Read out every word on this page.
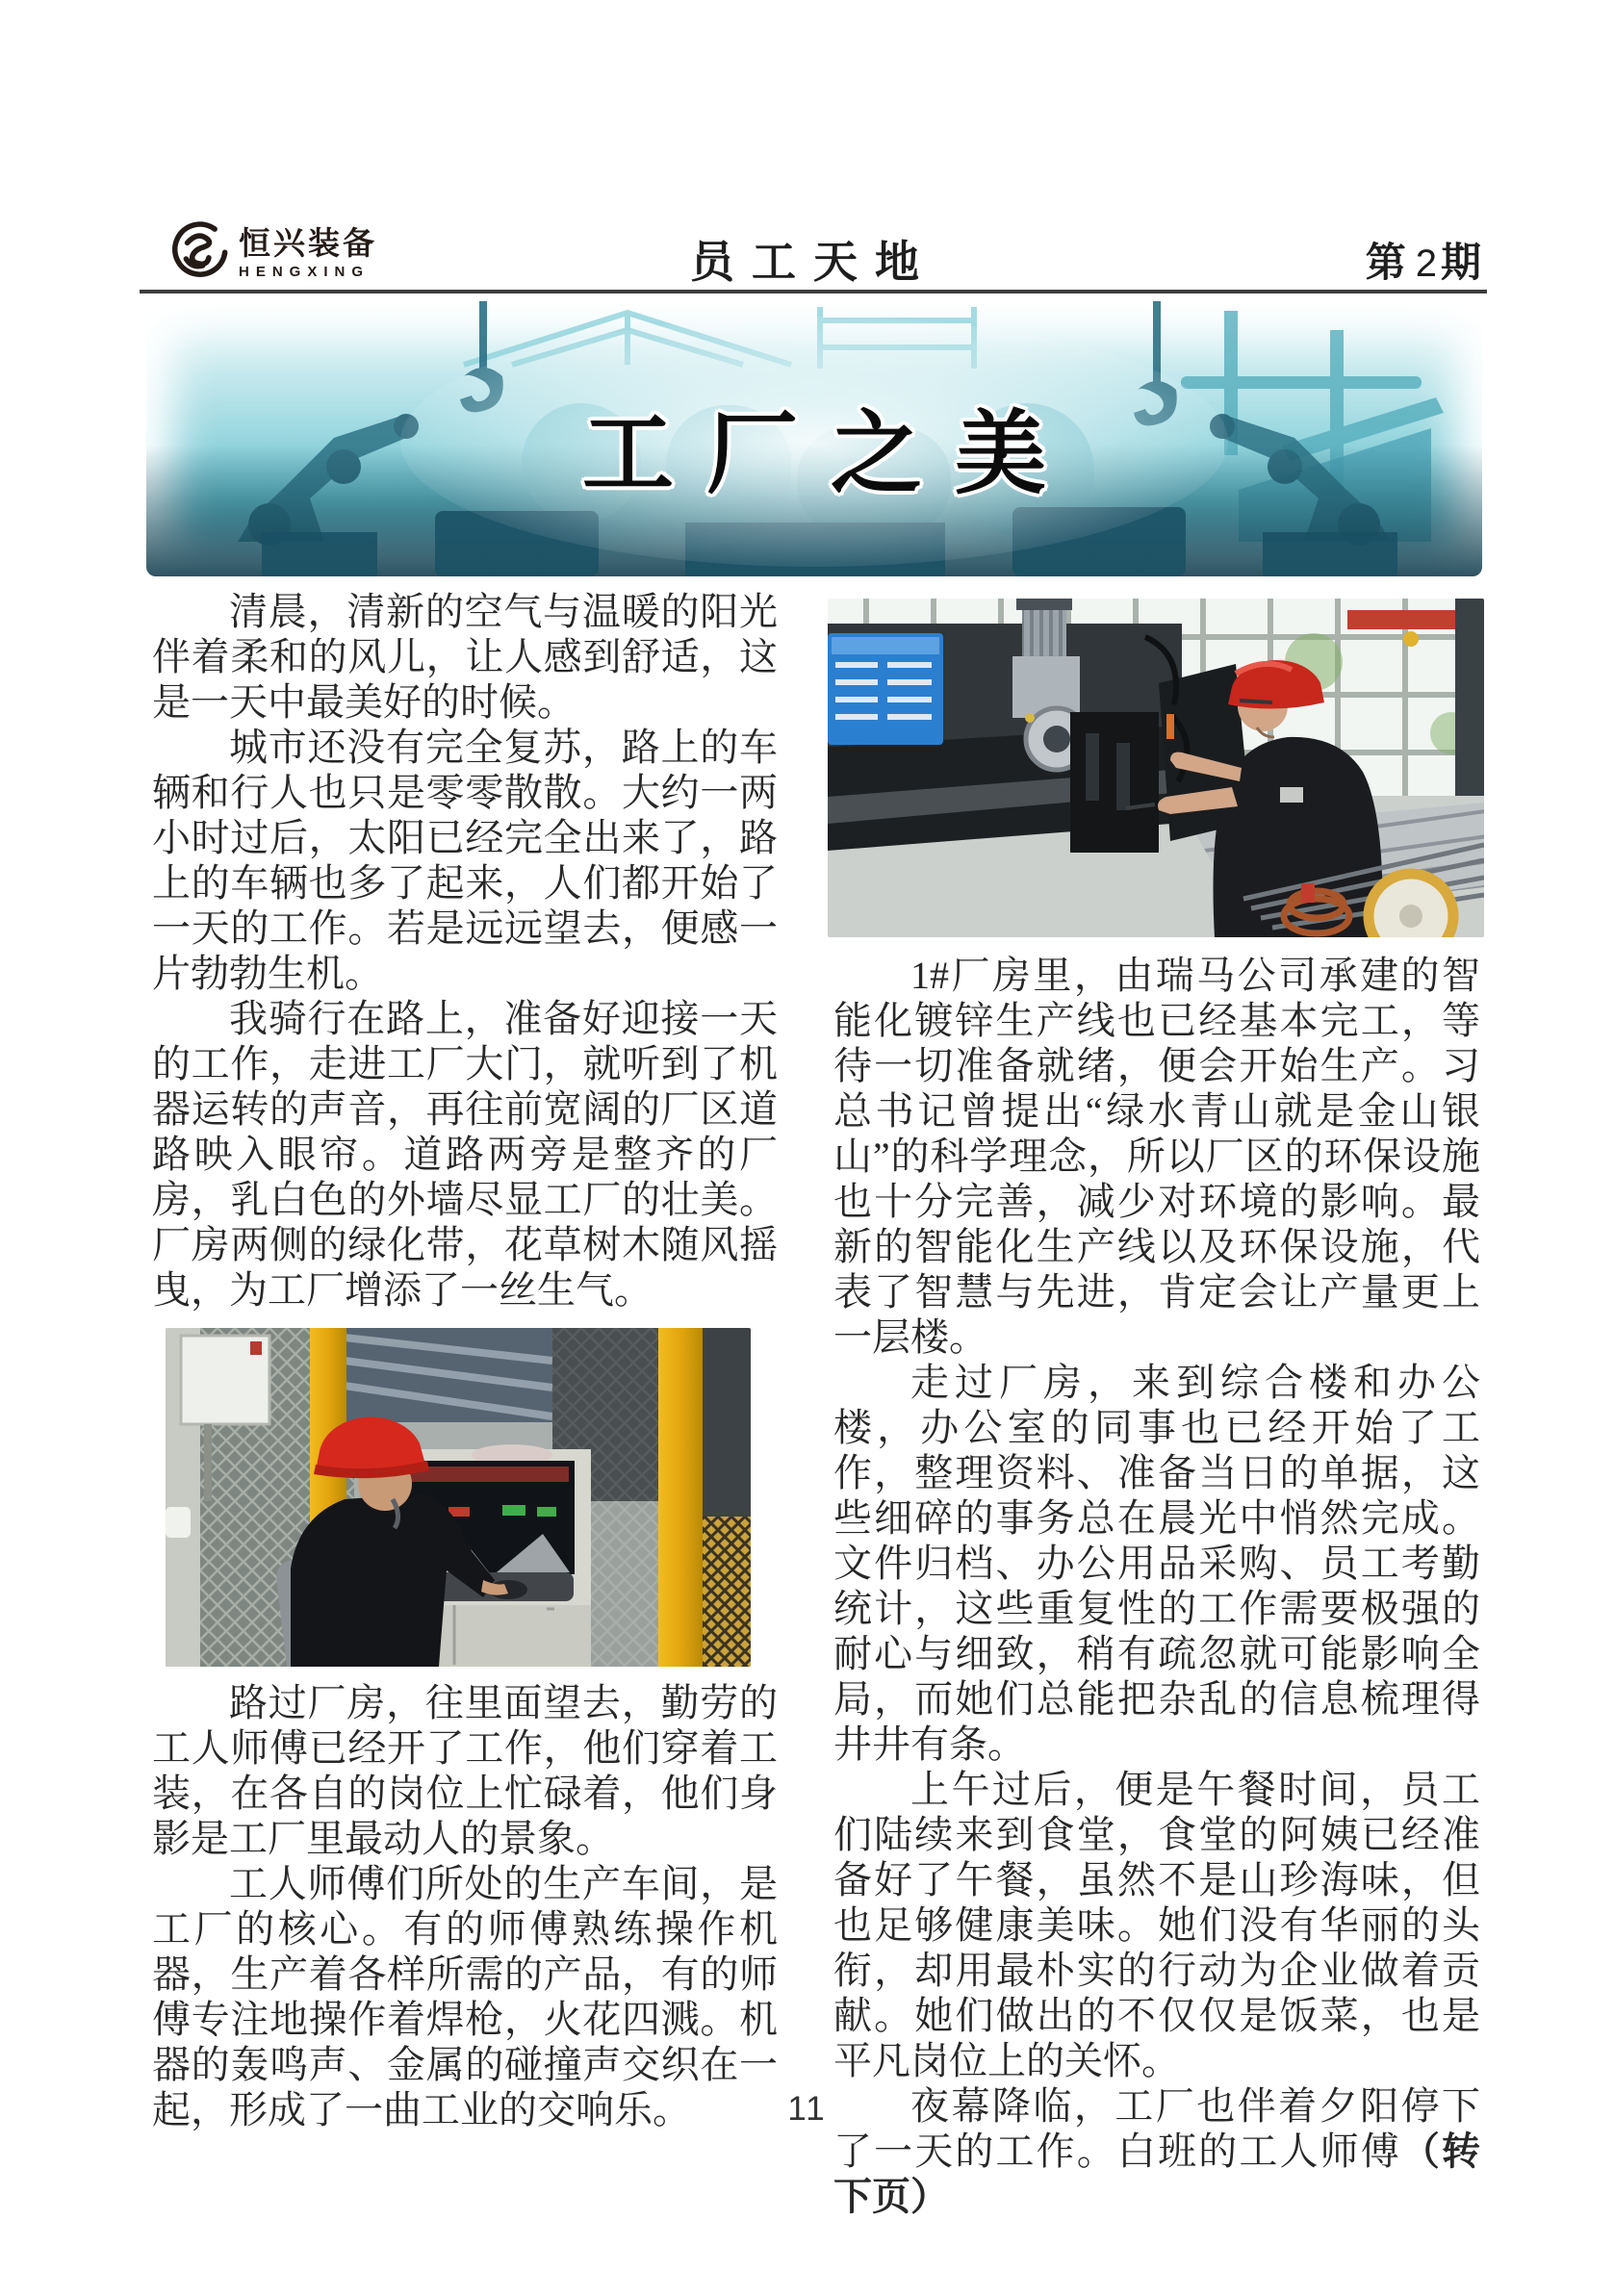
恒兴装备
HENGXING	员工天地	第 2期
工厂之美

清晨，清新的空气与温暖的阳光伴着柔和的风儿，让人感到舒适，这是一天中最美好的时候。

城市还没有完全复苏，路上的车辆和行人也只是零零散散。大约一两小时过后，太阳已经完全出来了，路上的车辆也多了起来，人们都开始了一天的工作。若是远远望去，便感一片勃勃生机。

我骑行在路上，准备好迎接一天的工作，走进工厂大门，就听到了机器运转的声音，再往前宽阔的厂区道路映入眼帘。道路两旁是整齐的厂房，乳白色的外墙尽显工厂的壮美。厂房两侧的绿化带，花草树木随风摇曳，为工厂增添了一丝生气。

路过厂房，往里面望去，勤劳的工人师傅已经开了工作，他们穿着工装，在各自的岗位上忙碌着，他们身影是工厂里最动人的景象。

工人师傅们所处的生产车间，是工厂的核心。有的师傅熟练操作机器，生产着各样所需的产品，有的师傅专注地操作着焊枪，火花四溅。机器的轰鸣声、金属的碰撞声交织在一起，形成了一曲工业的交响乐。

1#厂房里，由瑞马公司承建的智能化镀锌生产线也已经基本完工，等待一切准备就绪，便会开始生产。习总书记曾提出“绿水青山就是金山银山”的科学理念，所以厂区的环保设施也十分完善，减少对环境的影响。最新的智能化生产线以及环保设施，代表了智慧与先进，肯定会让产量更上一层楼。

走过厂房，来到综合楼和办公楼，办公室的同事也已经开始了工作，整理资料、准备当日的单据，这些细碎的事务总在晨光中悄然完成。文件归档、办公用品采购、员工考勤统计，这些重复性的工作需要极强的耐心与细致，稍有疏忽就可能影响全局，而她们总能把杂乱的信息梳理得井井有条。

上午过后，便是午餐时间，员工们陆续来到食堂，食堂的阿姨已经准备好了午餐，虽然不是山珍海味，但也足够健康美味。她们没有华丽的头衔，却用最朴实的行动为企业做着贡献。她们做出的不仅仅是饭菜，也是平凡岗位上的关怀。

夜幕降临，工厂也伴着夕阳停下了一天的工作。白班的工人师傅（转下页）

11
